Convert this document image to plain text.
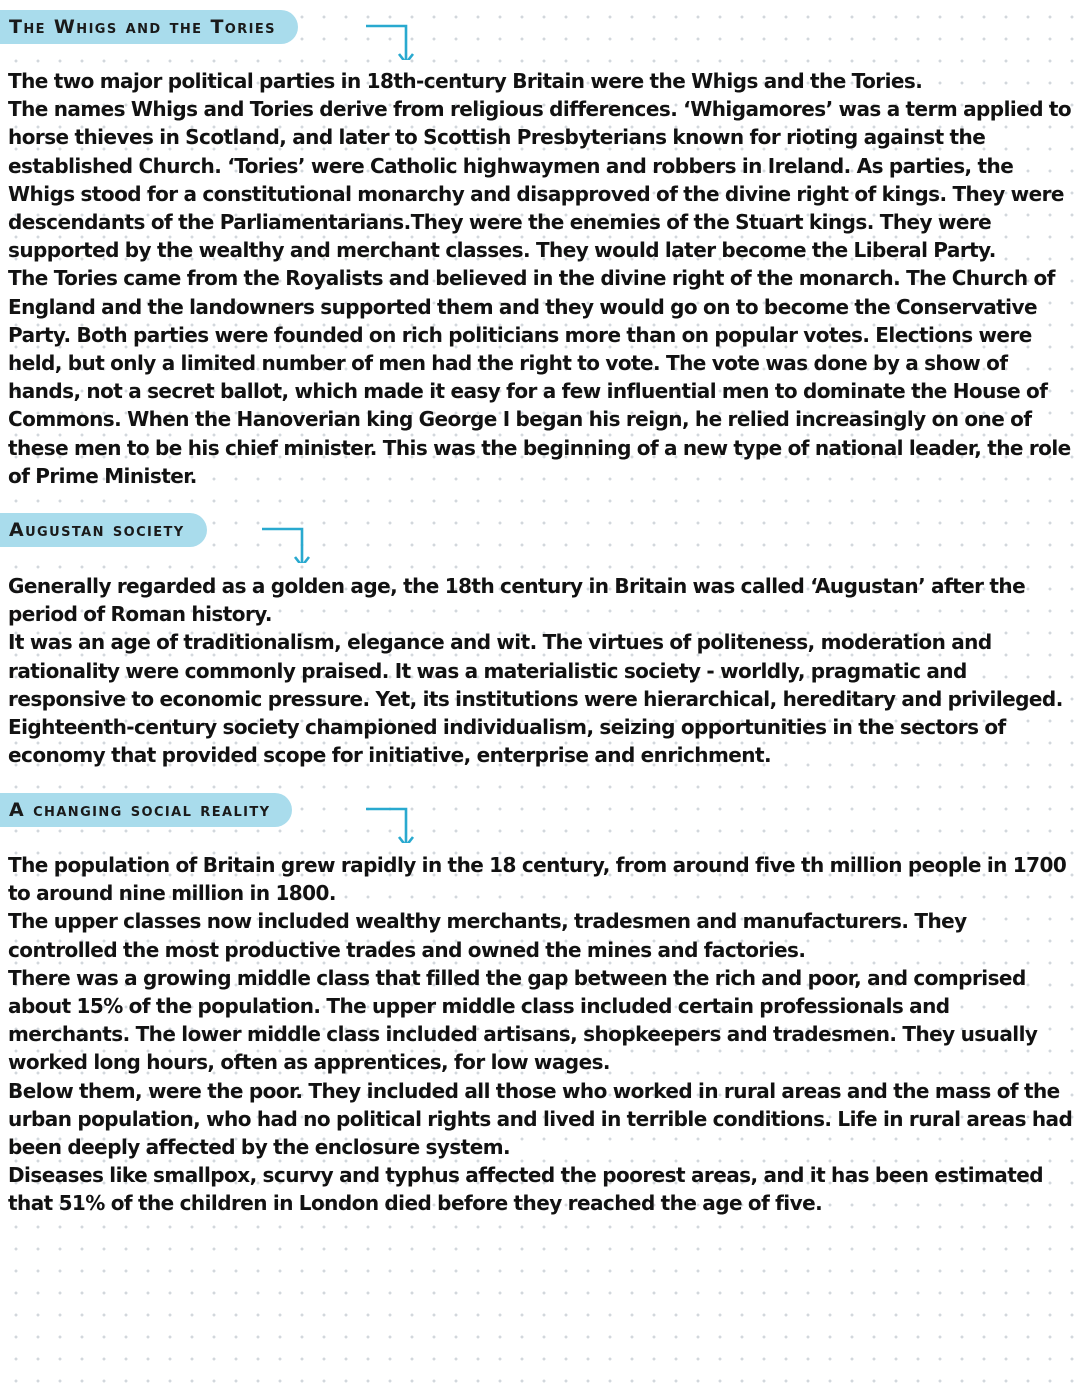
The Whigs and the Tories

The two major political parties in 18th-century Britain were the Whigs and the Tories.

The names Whigs and Tories derive from religious differences. ‘Whigamores’ was a term applied to horse thieves in Scotland, and later to Scottish Presbyterians known for rioting against the established Church. ‘Tories’ were Catholic highwaymen and robbers in Ireland. As parties, the Whigs stood for a constitutional monarchy and disapproved of the divine right of kings. They were descendants of the Parliamentarians.They were the enemies of the Stuart kings. They were supported by the wealthy and merchant classes. They would later become the Liberal Party.

The Tories came from the Royalists and believed in the divine right of the monarch. The Church of England and the landowners supported them and they would go on to become the Conservative Party. Both parties were founded on rich politicians more than on popular votes. Elections were held, but only a limited number of men had the right to vote. The vote was done by a show of hands, not a secret ballot, which made it easy for a few influential men to dominate the House of Commons. When the Hanoverian king George I began his reign, he relied increasingly on one of these men to be his chief minister. This was the beginning of a new type of national leader, the role of Prime Minister.

Augustan society

Generally regarded as a golden age, the 18th century in Britain was called ‘Augustan’ after the period of Roman history.

It was an age of traditionalism, elegance and wit. The virtues of politeness, moderation and rationality were commonly praised. It was a materialistic society - worldly, pragmatic and responsive to economic pressure. Yet, its institutions were hierarchical, hereditary and privileged. Eighteenth-century society championed individualism, seizing opportunities in the sectors of economy that provided scope for initiative, enterprise and enrichment.

A changing social reality

The population of Britain grew rapidly in the 18 century, from around five th million people in 1700 to around nine million in 1800.

The upper classes now included wealthy merchants, tradesmen and manufacturers. They controlled the most productive trades and owned the mines and factories.

There was a growing middle class that filled the gap between the rich and poor, and comprised about 15% of the population. The upper middle class included certain professionals and merchants. The lower middle class included artisans, shopkeepers and tradesmen. They usually worked long hours, often as apprentices, for low wages.

Below them, were the poor. They included all those who worked in rural areas and the mass of the urban population, who had no political rights and lived in terrible conditions. Life in rural areas had been deeply affected by the enclosure system.

Diseases like smallpox, scurvy and typhus affected the poorest areas, and it has been estimated that 51% of the children in London died before they reached the age of five.
